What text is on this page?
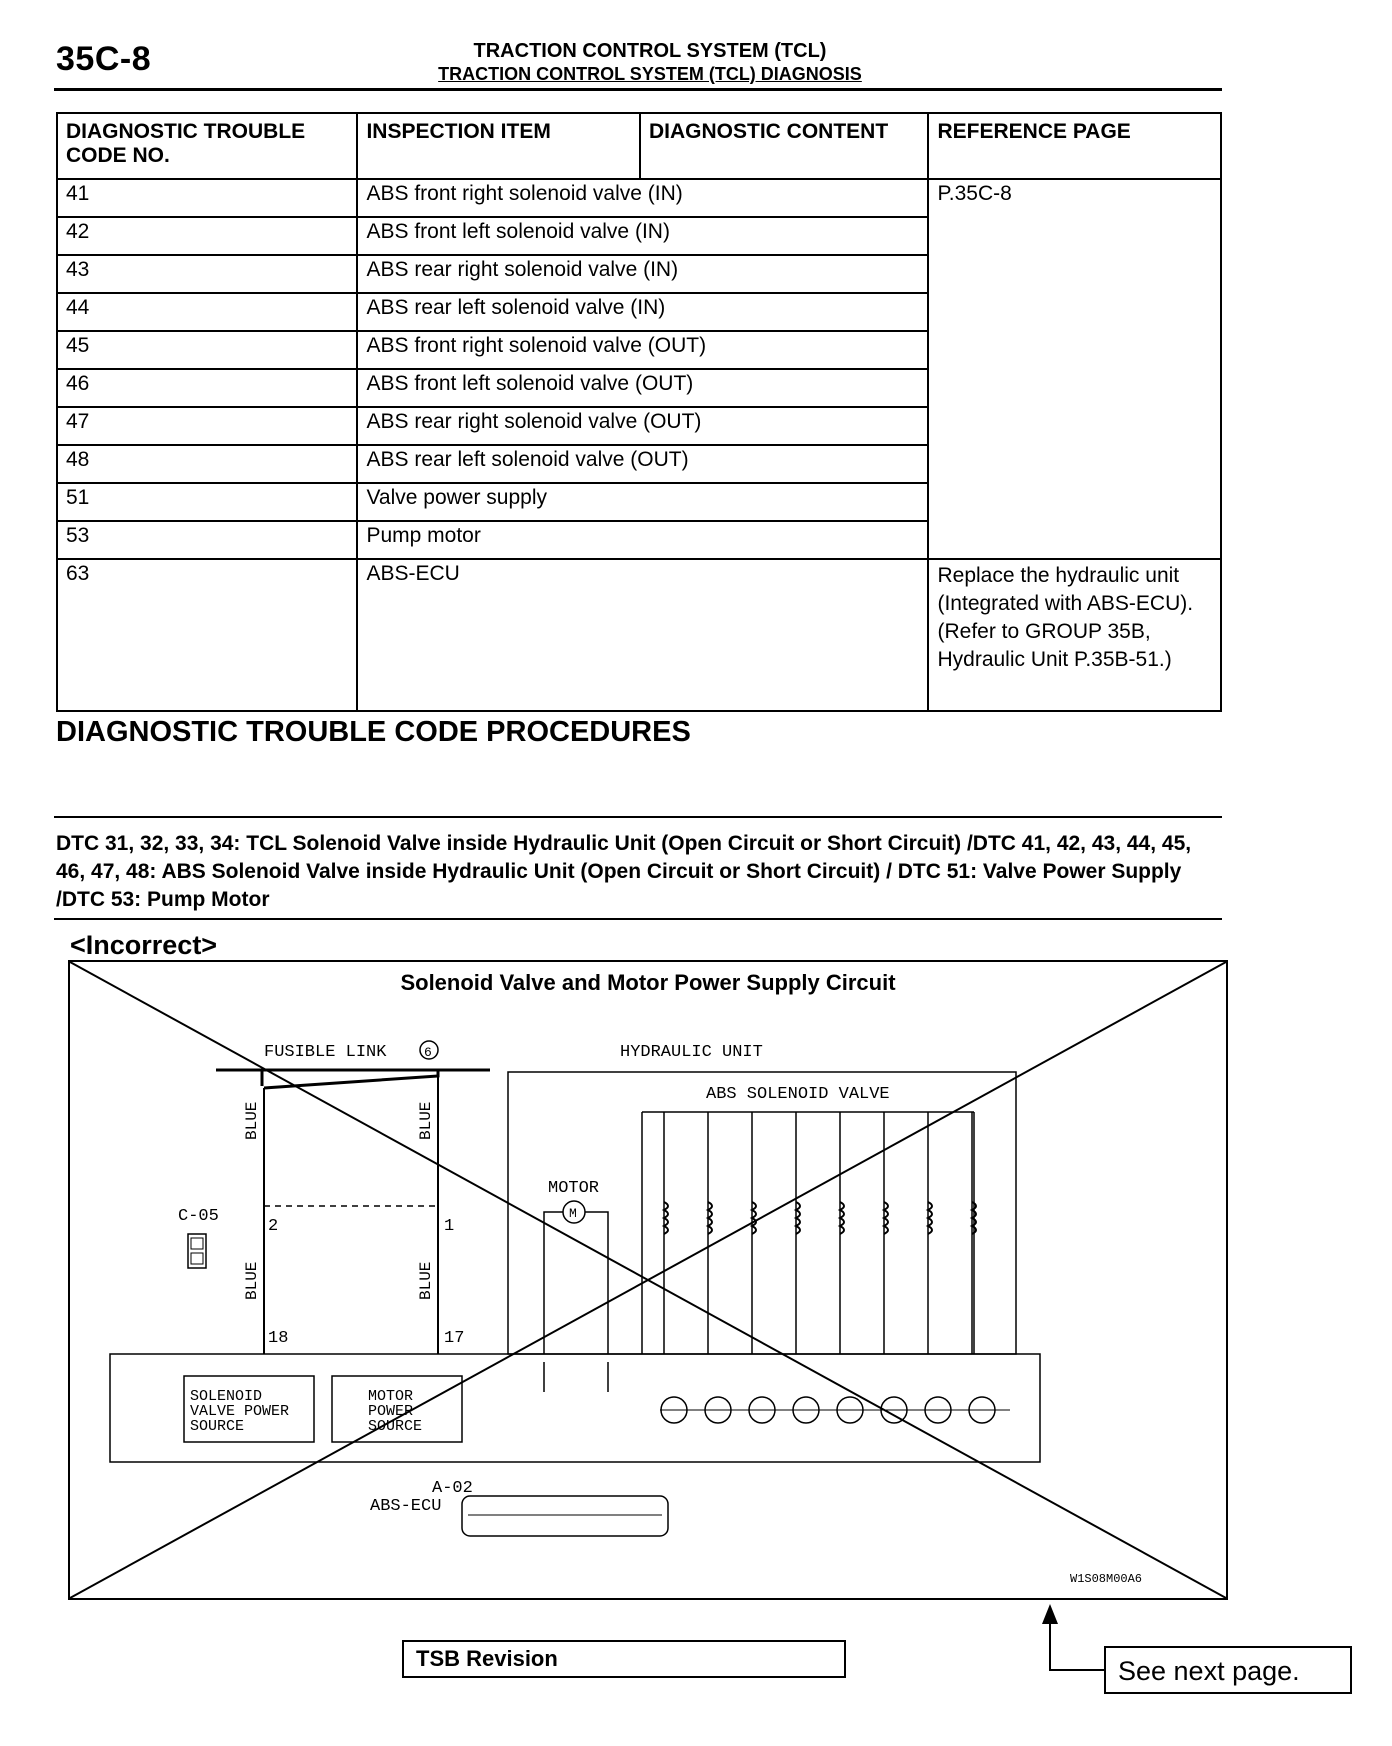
35C-8	TRACTION CONTROL SYSTEM (TCL)
TRACTION CONTROL SYSTEM (TCL) DIAGNOSIS
DIAGNOSTIC TROUBLE CODE NO.	INSPECTION ITEM	DIAGNOSTIC CONTENT	REFERENCE PAGE
41	ABS front right solenoid valve (IN)		P.35C-8
42	ABS front left solenoid valve (IN)		
43	ABS rear right solenoid valve (IN)		
44	ABS rear left solenoid valve (IN)		
45	ABS front right solenoid valve (OUT)		
46	ABS front left solenoid valve (OUT)		
47	ABS rear right solenoid valve (OUT)		
48	ABS rear left solenoid valve (OUT)		
51	Valve power supply		
53	Pump motor		
63	ABS-ECU		Replace the hydraulic unit (Integrated with ABS-ECU). (Refer to GROUP 35B, Hydraulic Unit P.35B-51.)
DIAGNOSTIC TROUBLE CODE PROCEDURES
DTC 31, 32, 33, 34: TCL Solenoid Valve inside Hydraulic Unit (Open Circuit or Short Circuit) /DTC 41, 42, 43, 44, 45, 46, 47, 48: ABS Solenoid Valve inside Hydraulic Unit (Open Circuit or Short Circuit) / DTC 51: Valve Power Supply /DTC 53: Pump Motor
<Incorrect>
Solenoid Valve and Motor Power Supply Circuit
FUSIBLE LINK	6
BLUE	BLUE
BLUE	BLUE
C-05
2	1
18	17
SOLENOID
VALVE POWER
SOURCE
MOTOR
POWER
SOURCE
HYDRAULIC UNIT
ABS SOLENOID VALVE
MOTOR
M
A-02
ABS-ECU
W1S08M00A6
TSB Revision	See next page.
